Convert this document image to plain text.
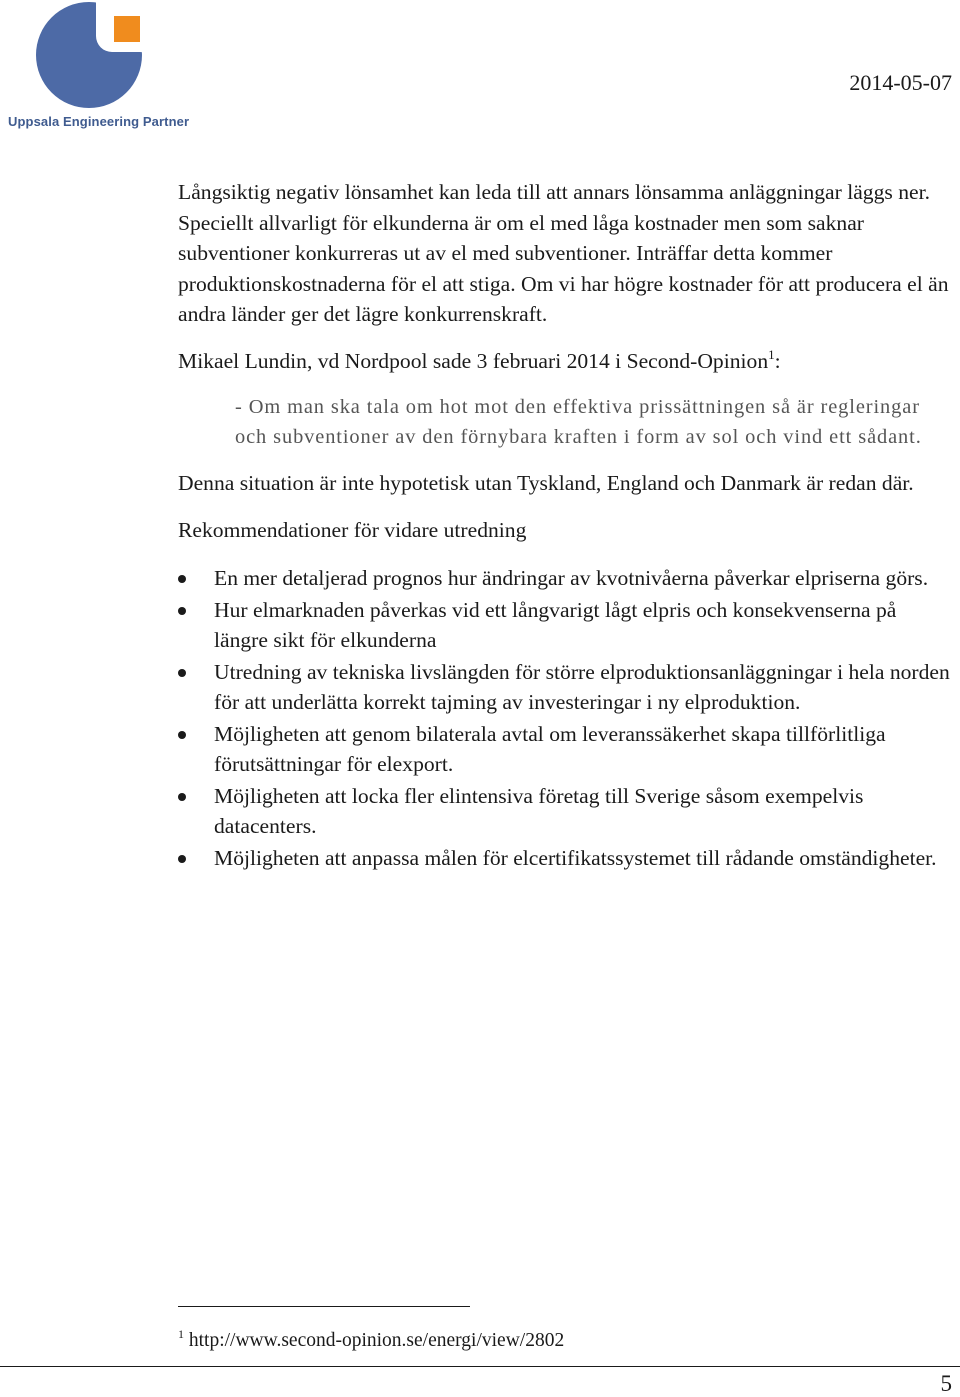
Uppsala Engineering Partner
2014-05-07

Långsiktig negativ lönsamhet kan leda till att annars lönsamma anläggningar läggs ner. Speciellt allvarligt för elkunderna är om el med låga kostnader men som saknar subventioner konkurreras ut av el med subventioner. Inträffar detta kommer produktionskostnaderna för el att stiga. Om vi har högre kostnader för att producera el än andra länder ger det lägre konkurrenskraft.

Mikael Lundin, vd Nordpool sade 3 februari 2014 i Second-Opinion$^1$:

- Om man ska tala om hot mot den effektiva prissättningen så är regleringar och subventioner av den förnybara kraften i form av sol och vind ett sådant.

Denna situation är inte hypotetisk utan Tyskland, England och Danmark är redan där.

Rekommendationer för vidare utredning

En mer detaljerad prognos hur ändringar av kvotnivåerna påverkar elpriserna görs.
Hur elmarknaden påverkas vid ett långvarigt lågt elpris och konsekvenserna på längre sikt för elkunderna
Utredning av tekniska livslängden för större elproduktionsanläggningar i hela norden för att underlätta korrekt tajming av investeringar i ny elproduktion.
Möjligheten att genom bilaterala avtal om leveranssäkerhet skapa tillförlitliga förutsättningar för elexport.
Möjligheten att locka fler elintensiva företag till Sverige såsom exempelvis datacenters.
Möjligheten att anpassa målen för elcertifikatssystemet till rådande omständigheter.
$^1$ http://www.second-opinion.se/energi/view/2802
5
